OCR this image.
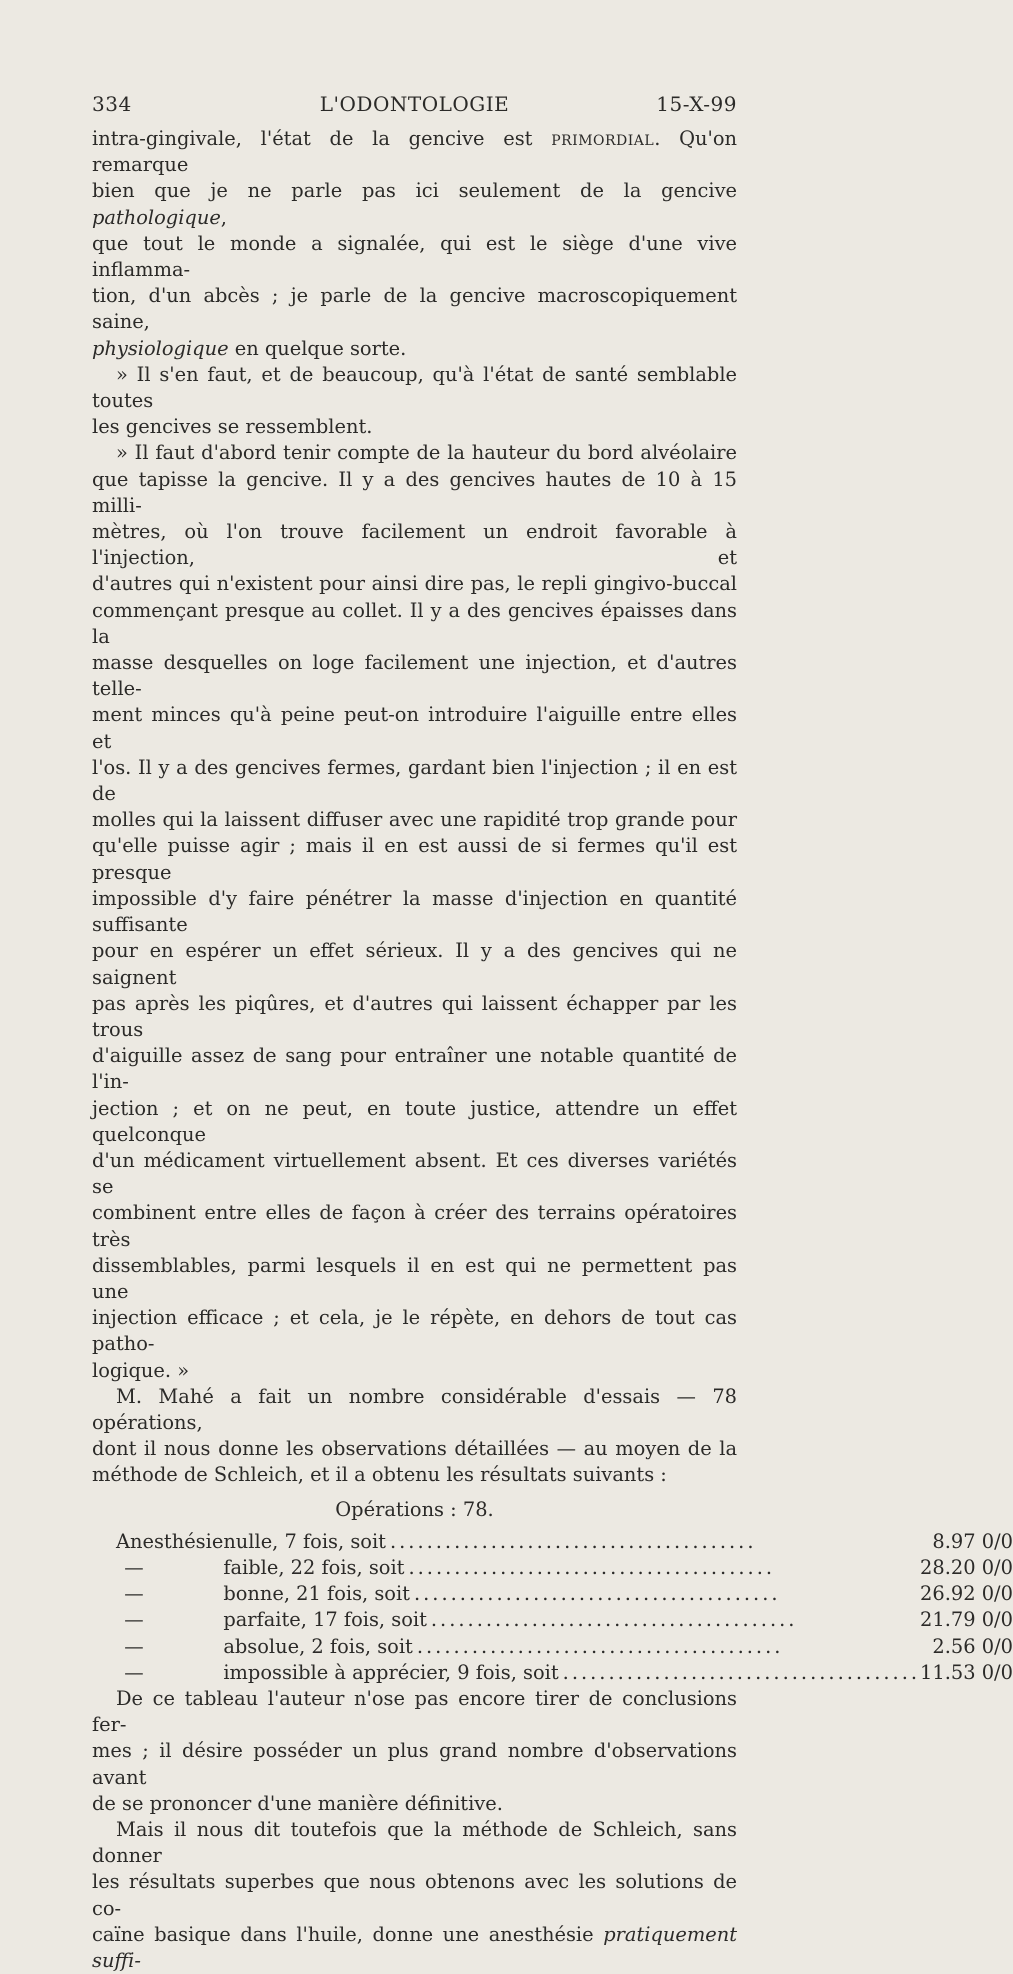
334	L'ODONTOLOGIE	15-X-99

intra-gingivale, l'état de la gencive est primordial. Qu'on remarque

bien que je ne parle pas ici seulement de la gencive pathologique,

que tout le monde a signalée, qui est le siège d'une vive inflamma-

tion, d'un abcès ; je parle de la gencive macroscopiquement saine,

physiologique en quelque sorte.

» Il s'en faut, et de beaucoup, qu'à l'état de santé semblable toutes

les gencives se ressemblent.

» Il faut d'abord tenir compte de la hauteur du bord alvéolaire

que tapisse la gencive. Il y a des gencives hautes de 10 à 15 milli-

mètres, où l'on trouve facilement un endroit favorable à l'injection, et

d'autres qui n'existent pour ainsi dire pas, le repli gingivo-buccal

commençant presque au collet. Il y a des gencives épaisses dans la

masse desquelles on loge facilement une injection, et d'autres telle-

ment minces qu'à peine peut-on introduire l'aiguille entre elles et

l'os. Il y a des gencives fermes, gardant bien l'injection ; il en est de

molles qui la laissent diffuser avec une rapidité trop grande pour

qu'elle puisse agir ; mais il en est aussi de si fermes qu'il est presque

impossible d'y faire pénétrer la masse d'injection en quantité suffisante

pour en espérer un effet sérieux. Il y a des gencives qui ne saignent

pas après les piqûres, et d'autres qui laissent échapper par les trous

d'aiguille assez de sang pour entraîner une notable quantité de l'in-

jection ; et on ne peut, en toute justice, attendre un effet quelconque

d'un médicament virtuellement absent. Et ces diverses variétés se

combinent entre elles de façon à créer des terrains opératoires très

dissemblables, parmi lesquels il en est qui ne permettent pas une

injection efficace ; et cela, je le répète, en dehors de tout cas patho-

logique. »

M. Mahé a fait un nombre considérable d'essais — 78 opérations,

dont il nous donne les observations détaillées — au moyen de la

méthode de Schleich, et il a obtenu les résultats suivants :

Opérations : 78.
Anesthésie	nulle, 7 fois, soit ........................................	8.97 0/0
—	faible, 22 fois, soit ........................................	28.20 0/0
—	bonne, 21 fois, soit ........................................	26.92 0/0
—	parfaite, 17 fois, soit ........................................	21.79 0/0
—	absolue, 2 fois, soit ........................................	2.56 0/0
—	impossible à apprécier, 9 fois, soit .......................................	11.53 0/0

De ce tableau l'auteur n'ose pas encore tirer de conclusions fer-

mes ; il désire posséder un plus grand nombre d'observations avant

de se prononcer d'une manière définitive.

Mais il nous dit toutefois que la méthode de Schleich, sans donner

les résultats superbes que nous obtenons avec les solutions de co-

caïne basique dans l'huile, donne une anesthésie pratiquement suffi-
